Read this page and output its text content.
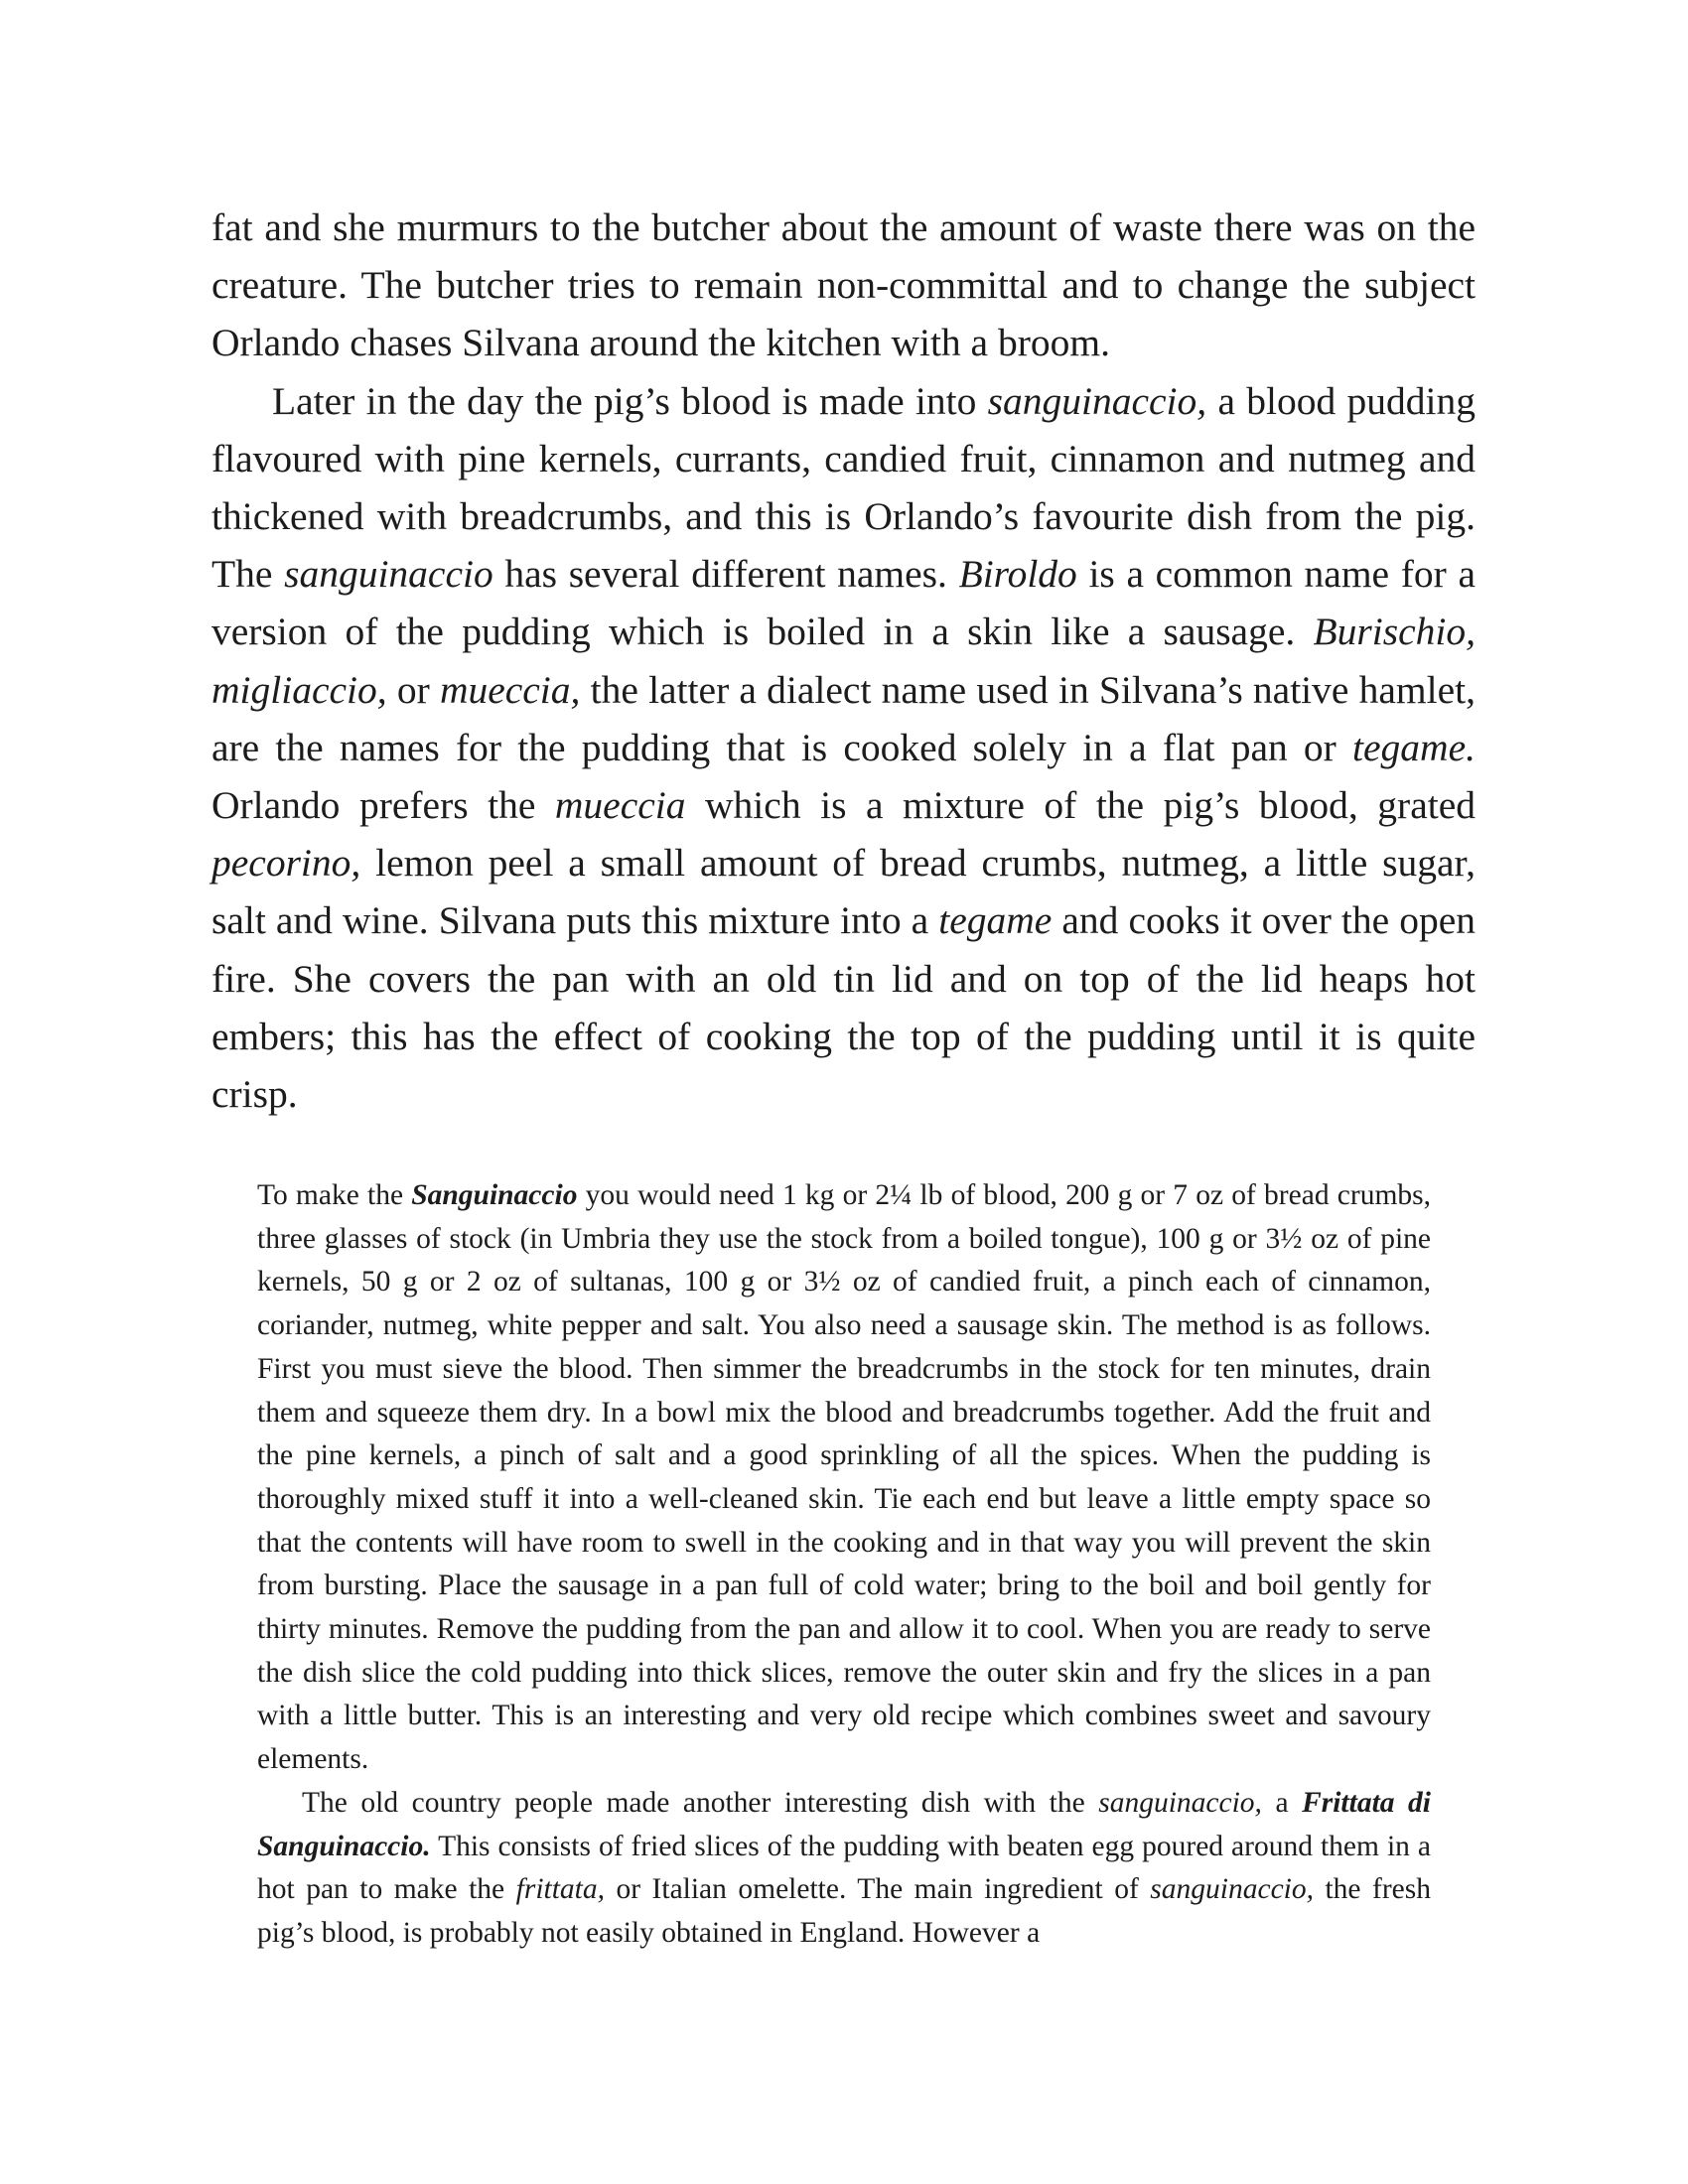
fat and she murmurs to the butcher about the amount of waste there was on the creature. The butcher tries to remain non-committal and to change the subject Orlando chases Silvana around the kitchen with a broom.

Later in the day the pig’s blood is made into sanguinaccio, a blood pudding flavoured with pine kernels, currants, candied fruit, cinnamon and nutmeg and thickened with breadcrumbs, and this is Orlando’s favourite dish from the pig. The sanguinaccio has several different names. Biroldo is a common name for a version of the pudding which is boiled in a skin like a sausage. Burischio, migliaccio, or mueccia, the latter a dialect name used in Silvana’s native hamlet, are the names for the pudding that is cooked solely in a flat pan or tegame. Orlando prefers the mueccia which is a mixture of the pig’s blood, grated pecorino, lemon peel a small amount of bread crumbs, nutmeg, a little sugar, salt and wine. Silvana puts this mixture into a tegame and cooks it over the open fire. She covers the pan with an old tin lid and on top of the lid heaps hot embers; this has the effect of cooking the top of the pudding until it is quite crisp.

To make the Sanguinaccio you would need 1 kg or 2¼ lb of blood, 200 g or 7 oz of bread crumbs, three glasses of stock (in Umbria they use the stock from a boiled tongue), 100 g or 3½ oz of pine kernels, 50 g or 2 oz of sultanas, 100 g or 3½ oz of candied fruit, a pinch each of cinnamon, coriander, nutmeg, white pepper and salt. You also need a sausage skin. The method is as follows. First you must sieve the blood. Then simmer the breadcrumbs in the stock for ten minutes, drain them and squeeze them dry. In a bowl mix the blood and breadcrumbs together. Add the fruit and the pine kernels, a pinch of salt and a good sprinkling of all the spices. When the pudding is thoroughly mixed stuff it into a well-cleaned skin. Tie each end but leave a little empty space so that the contents will have room to swell in the cooking and in that way you will prevent the skin from bursting. Place the sausage in a pan full of cold water; bring to the boil and boil gently for thirty minutes. Remove the pudding from the pan and allow it to cool. When you are ready to serve the dish slice the cold pudding into thick slices, remove the outer skin and fry the slices in a pan with a little butter. This is an interesting and very old recipe which combines sweet and savoury elements.

The old country people made another interesting dish with the sanguinaccio, a Frittata di Sanguinaccio. This consists of fried slices of the pudding with beaten egg poured around them in a hot pan to make the frittata, or Italian omelette. The main ingredient of sanguinaccio, the fresh pig’s blood, is probably not easily obtained in England. However a
